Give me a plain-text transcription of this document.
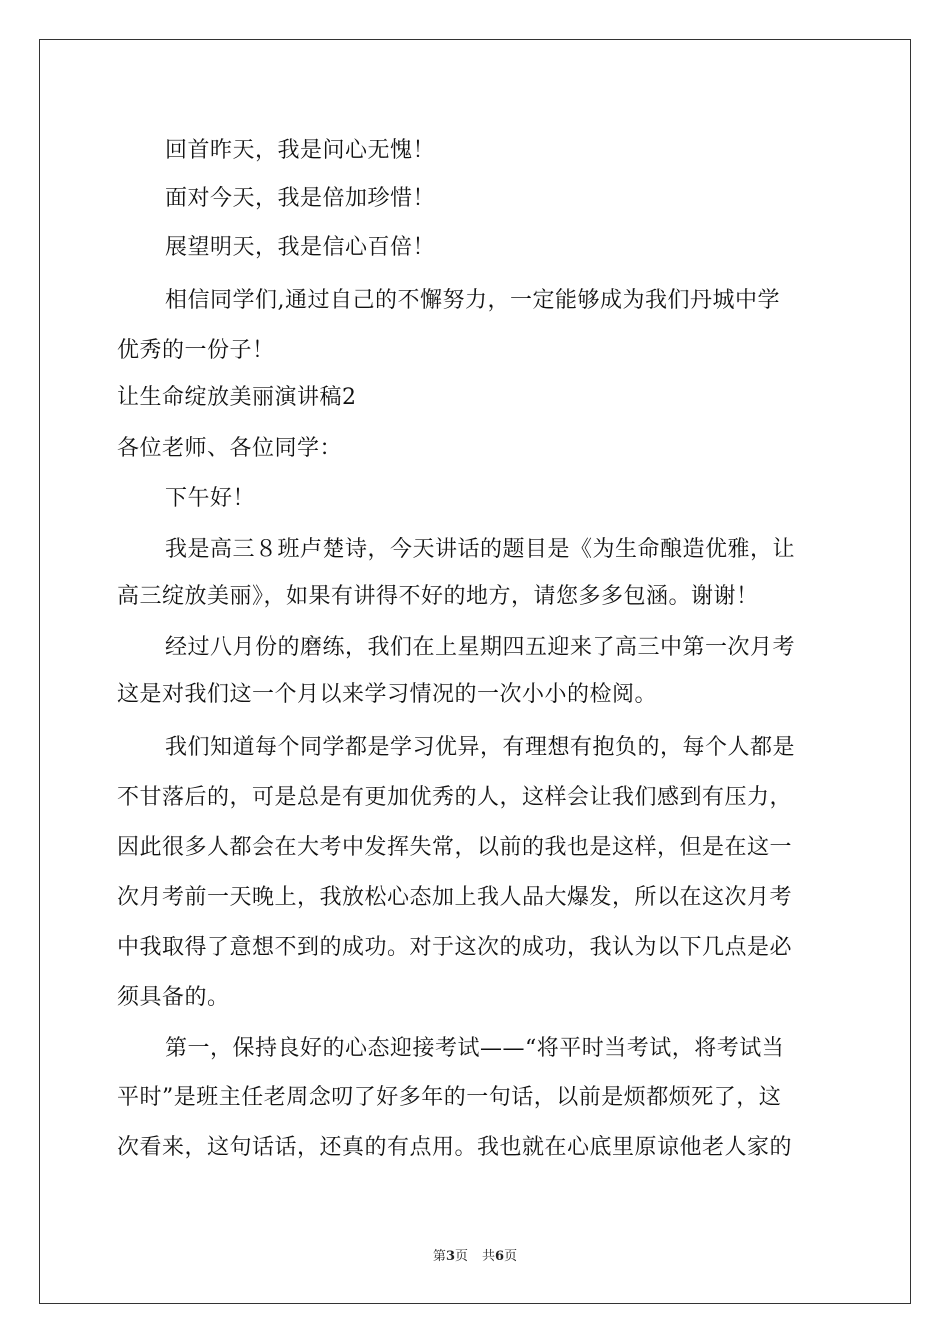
回首昨天，我是问心无愧！
面对今天，我是倍加珍惜！
展望明天，我是信心百倍！
相信同学们,通过自己的不懈努力，一定能够成为我们丹城中学
优秀的一份子！
让生命绽放美丽演讲稿2
各位老师、各位同学：
下午好！
我是高三８班卢楚诗，今天讲话的题目是《为生命酿造优雅，让
高三绽放美丽》，如果有讲得不好的地方，请您多多包涵。谢谢！
经过八月份的磨练，我们在上星期四五迎来了高三中第一次月考
这是对我们这一个月以来学习情况的一次小小的检阅。
我们知道每个同学都是学习优异，有理想有抱负的，每个人都是
不甘落后的，可是总是有更加优秀的人，这样会让我们感到有压力，
因此很多人都会在大考中发挥失常，以前的我也是这样，但是在这一
次月考前一天晚上，我放松心态加上我人品大爆发，所以在这次月考
中我取得了意想不到的成功。对于这次的成功，我认为以下几点是必
须具备的。
第一，保持良好的心态迎接考试——“将平时当考试，将考试当
平时”是班主任老周念叨了好多年的一句话，以前是烦都烦死了，这
次看来，这句话话，还真的有点用。我也就在心底里原谅他老人家的
第3页 共6页
